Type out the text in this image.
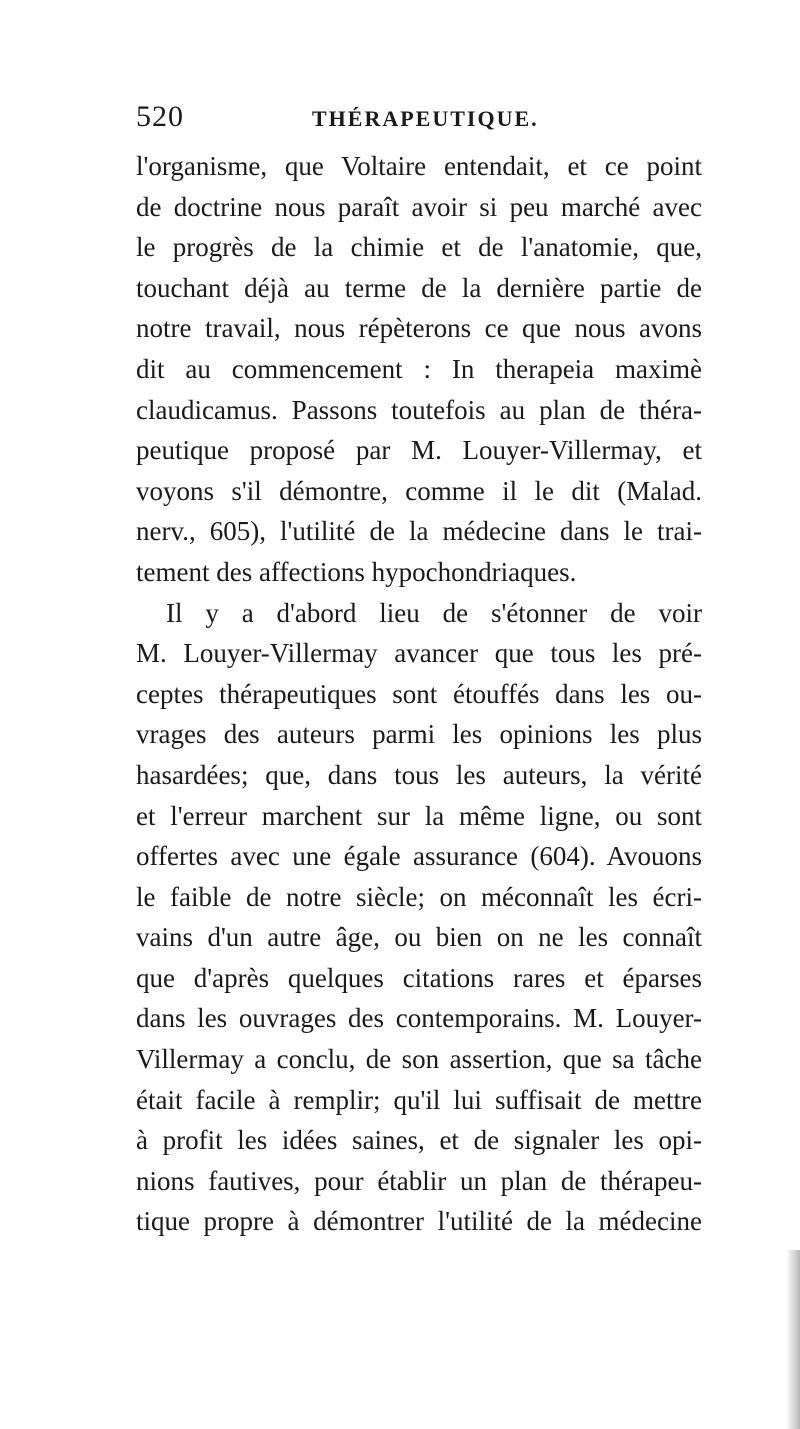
520	THÉRAPEUTIQUE.
l'organisme, que Voltaire entendait, et ce point
de doctrine nous paraît avoir si peu marché avec
le progrès de la chimie et de l'anatomie, que,
touchant déjà au terme de la dernière partie de
notre travail, nous répèterons ce que nous avons
dit au commencement : In therapeia maximè
claudicamus. Passons toutefois au plan de théra-
peutique proposé par M. Louyer-Villermay, et
voyons s'il démontre, comme il le dit (Malad.
nerv., 605), l'utilité de la médecine dans le trai-
tement des affections hypochondriaques.
Il y a d'abord lieu de s'étonner de voir
M. Louyer-Villermay avancer que tous les pré-
ceptes thérapeutiques sont étouffés dans les ou-
vrages des auteurs parmi les opinions les plus
hasardées; que, dans tous les auteurs, la vérité
et l'erreur marchent sur la même ligne, ou sont
offertes avec une égale assurance (604). Avouons
le faible de notre siècle; on méconnaît les écri-
vains d'un autre âge, ou bien on ne les connaît
que d'après quelques citations rares et éparses
dans les ouvrages des contemporains. M. Louyer-
Villermay a conclu, de son assertion, que sa tâche
était facile à remplir; qu'il lui suffisait de mettre
à profit les idées saines, et de signaler les opi-
nions fautives, pour établir un plan de thérapeu-
tique propre à démontrer l'utilité de la médecine
